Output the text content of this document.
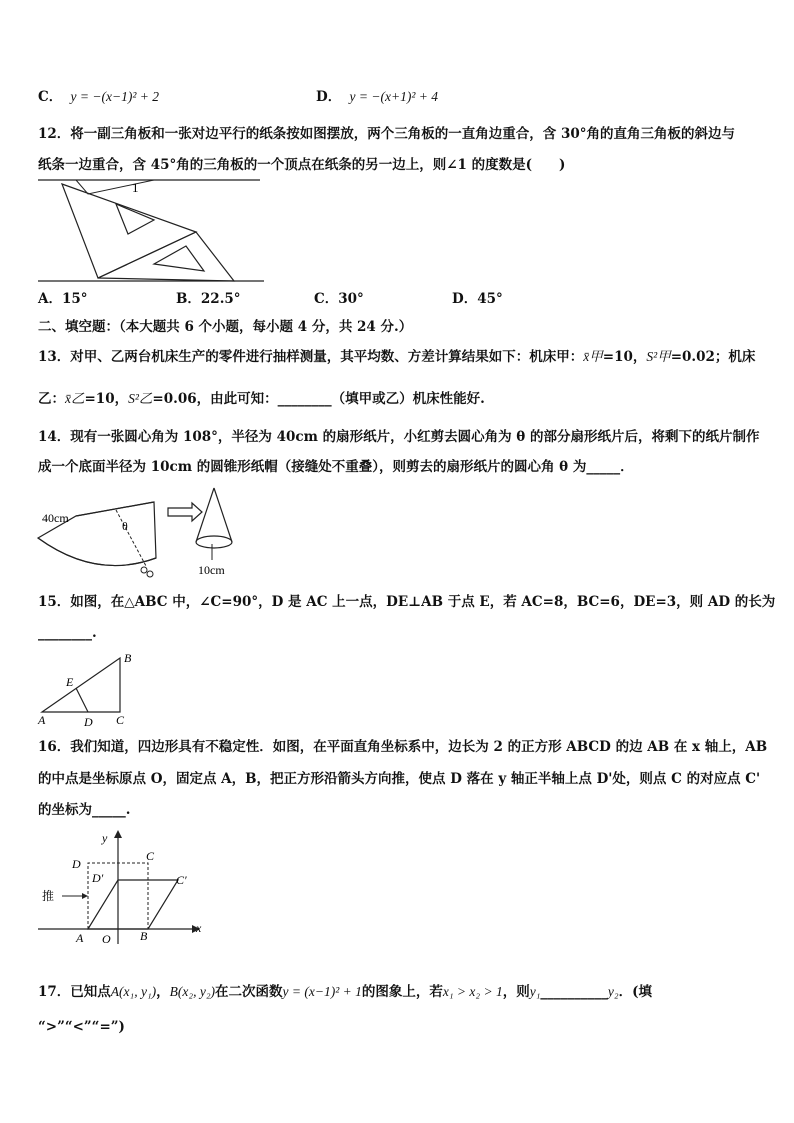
C． y = −(x−1)² + 2	D． y = −(x+1)² + 4
12．将一副三角板和一张对边平行的纸条按如图摆放，两个三角板的一直角边重合，含 30°角的直角三角板的斜边与
纸条一边重合，含 45°角的三角板的一个顶点在纸条的另一边上，则∠1 的度数是(　　)
1
A．15°	B．22.5°	C．30°	D．45°
二、填空题：（本大题共 6 个小题，每小题 4 分，共 24 分.）
13．对甲、乙两台机床生产的零件进行抽样测量，其平均数、方差计算结果如下：机床甲：x̄甲=10，S²甲=0.02；机床
乙：x̄乙=10，S²乙=0.06，由此可知：________（填甲或乙）机床性能好.
14．现有一张圆心角为 108°，半径为 40cm 的扇形纸片，小红剪去圆心角为 θ 的部分扇形纸片后，将剩下的纸片制作
成一个底面半径为 10cm 的圆锥形纸帽（接缝处不重叠），则剪去的扇形纸片的圆心角 θ 为_____．
40cm
θ
10cm
15．如图，在△ABC 中，∠C=90°，D 是 AC 上一点，DE⊥AB 于点 E，若 AC=8，BC=6，DE=3，则 AD 的长为
________.
A	D C
B
E
16．我们知道，四边形具有不稳定性．如图，在平面直角坐标系中，边长为 2 的正方形 ABCD 的边 AB 在 x 轴上，AB
的中点是坐标原点 O，固定点 A，B，把正方形沿箭头方向推，使点 D 落在 y 轴正半轴上点 D'处，则点 C 的对应点 C'
的坐标为_____.
y
x
推
D
C
D′	C′
A O B
17．已知点A(x₁, y₁)，B(x₂, y₂)在二次函数y = (x−1)² + 1的图象上，若x₁ > x₂ > 1，则y₁__________y₂．(填
“>”“<”“=”)
